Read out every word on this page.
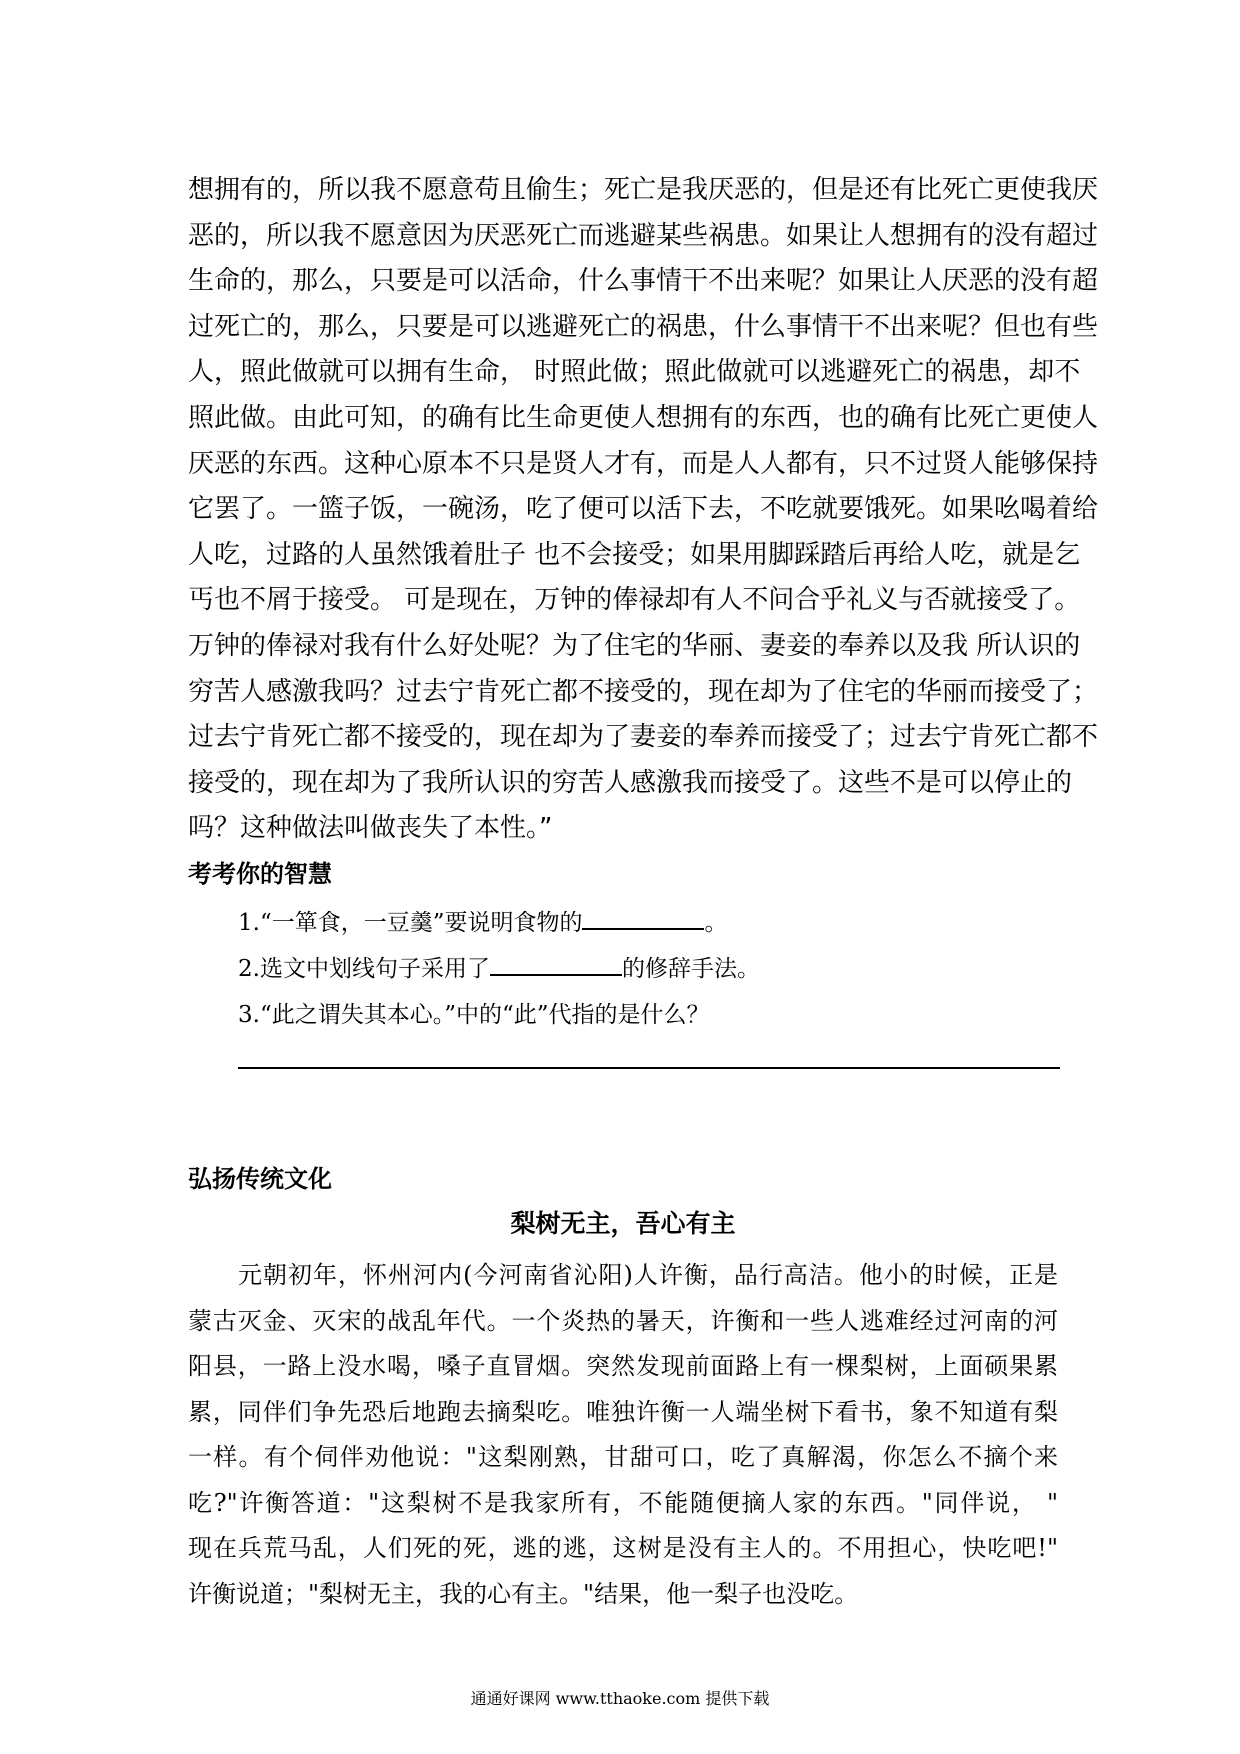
想拥有的，所以我不愿意苟且偷生；死亡是我厌恶的，但是还有比死亡更使我厌
恶的，所以我不愿意因为厌恶死亡而逃避某些祸患。如果让人想拥有的没有超过
生命的，那么，只要是可以活命，什么事情干不出来呢？如果让人厌恶的没有超
过死亡的，那么，只要是可以逃避死亡的祸患，什么事情干不出来呢？但也有些
人，照此做就可以拥有生命， 时照此做；照此做就可以逃避死亡的祸患，却不
照此做。由此可知，的确有比生命更使人想拥有的东西，也的确有比死亡更使人
厌恶的东西。这种心原本不只是贤人才有，而是人人都有，只不过贤人能够保持
它罢了。一篮子饭，一碗汤，吃了便可以活下去，不吃就要饿死。如果吆喝着给
人吃，过路的人虽然饿着肚子 也不会接受；如果用脚踩踏后再给人吃，就是乞
丐也不屑于接受。 可是现在，万钟的俸禄却有人不问合乎礼义与否就接受了。
万钟的俸禄对我有什么好处呢？为了住宅的华丽、妻妾的奉养以及我 所认识的
穷苦人感激我吗？过去宁肯死亡都不接受的，现在却为了住宅的华丽而接受了；
过去宁肯死亡都不接受的，现在却为了妻妾的奉养而接受了；过去宁肯死亡都不
接受的，现在却为了我所认识的穷苦人感激我而接受了。这些不是可以停止的
吗？这种做法叫做丧失了本性。”
考考你的智慧
1.“一箪食，一豆羹”要说明食物的	。
2.选文中划线句子采用了	的修辞手法。
3.“此之谓失其本心。”中的“此”代指的是什么？
弘扬传统文化
梨树无主，吾心有主
元朝初年，怀州河内(今河南省沁阳)人许衡，品行高洁。他小的时候，正是
蒙古灭金、灭宋的战乱年代。一个炎热的暑天，许衡和一些人逃难经过河南的河
阳县，一路上没水喝，嗓子直冒烟。突然发现前面路上有一棵梨树，上面硕果累
累，同伴们争先恐后地跑去摘梨吃。唯独许衡一人端坐树下看书，象不知道有梨
一样。有个伺伴劝他说："这梨刚熟，甘甜可口，吃了真解渴，你怎么不摘个来
吃?"许衡答道："这梨树不是我家所有，不能随便摘人家的东西。"同伴说， "
现在兵荒马乱，人们死的死，逃的逃，这树是没有主人的。不用担心，快吃吧!"
许衡说道；"梨树无主，我的心有主。"结果，他一梨子也没吃。
通通好课网 www.tthaoke.com 提供下载
